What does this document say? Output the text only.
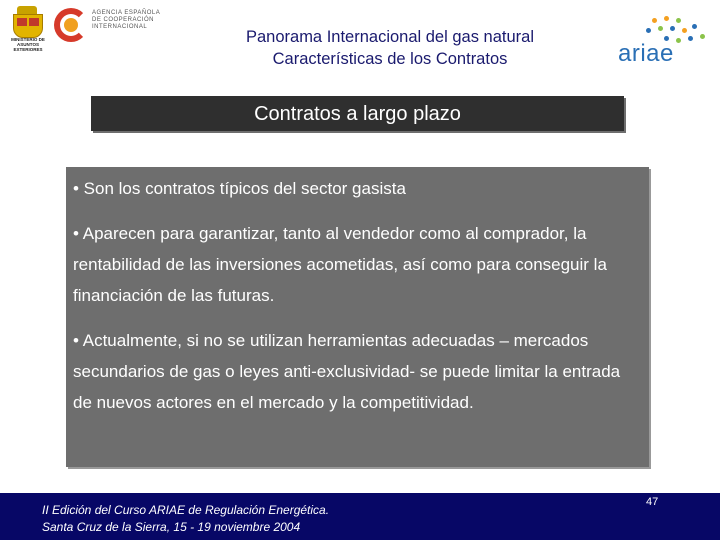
MINISTERIO DE ASUNTOS EXTERIORES
AGENCIA ESPAÑOLA DE COOPERACIÓN INTERNACIONAL
Panorama Internacional del gas natural
Características de los Contratos	ariae
Contratos a largo plazo

• Son los contratos típicos del sector gasista

• Aparecen para garantizar, tanto al vendedor como al comprador, la rentabilidad de las inversiones acometidas, así como para conseguir la financiación de las futuras.

• Actualmente, si no se utilizan herramientas adecuadas – mercados secundarios de gas o leyes anti-exclusividad- se puede limitar la entrada de nuevos actores en el mercado y la competitividad.

II Edición del Curso ARIAE de Regulación Energética.
Santa Cruz de la Sierra, 15 - 19 noviembre 2004
47
